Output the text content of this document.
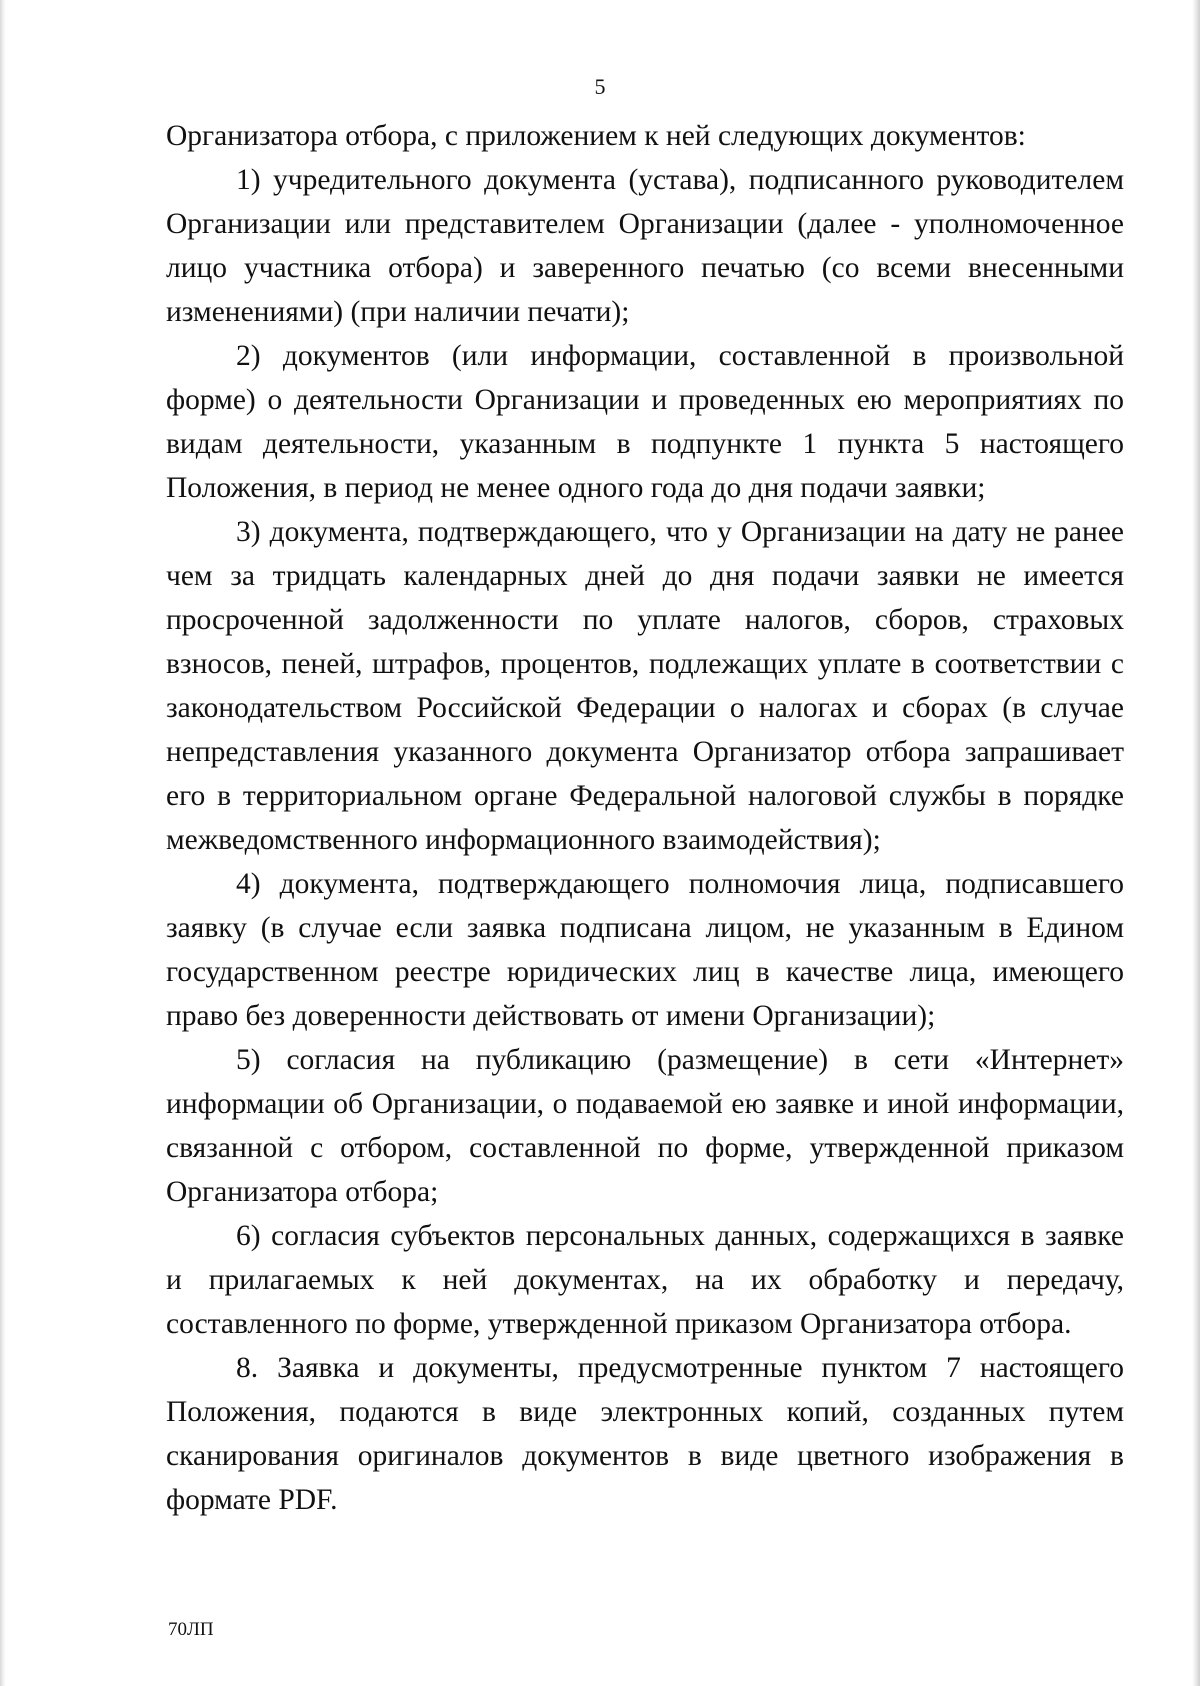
5

Организатора отбора, с приложением к ней следующих документов:

1) учредительного документа (устава), подписанного руководителем Организации или представителем Организации (далее - уполномоченное лицо участника отбора) и заверенного печатью (со всеми внесенными изменениями) (при наличии печати);

2) документов (или информации, составленной в произвольной форме) о деятельности Организации и проведенных ею мероприятиях по видам деятельности, указанным в подпункте 1 пункта 5 настоящего Положения, в период не менее одного года до дня подачи заявки;

3) документа, подтверждающего, что у Организации на дату не ранее чем за тридцать календарных дней до дня подачи заявки не имеется просроченной задолженности по уплате налогов, сборов, страховых взносов, пеней, штрафов, процентов, подлежащих уплате в соответствии с законодательством Российской Федерации о налогах и сборах (в случае непредставления указанного документа Организатор отбора запрашивает его в территориальном органе Федеральной налоговой службы в порядке межведомственного информационного взаимодействия);

4) документа, подтверждающего полномочия лица, подписавшего заявку (в случае если заявка подписана лицом, не указанным в Едином государственном реестре юридических лиц в качестве лица, имеющего право без доверенности действовать от имени Организации);

5) согласия на публикацию (размещение) в сети «Интернет» информации об Организации, о подаваемой ею заявке и иной информации, связанной с отбором, составленной по форме, утвержденной приказом Организатора отбора;

6) согласия субъектов персональных данных, содержащихся в заявке и прилагаемых к ней документах, на их обработку и передачу, составленного по форме, утвержденной приказом Организатора отбора.

8. Заявка и документы, предусмотренные пунктом 7 настоящего Положения, подаются в виде электронных копий, созданных путем сканирования оригиналов документов в виде цветного изображения в формате PDF.

70ЛП
